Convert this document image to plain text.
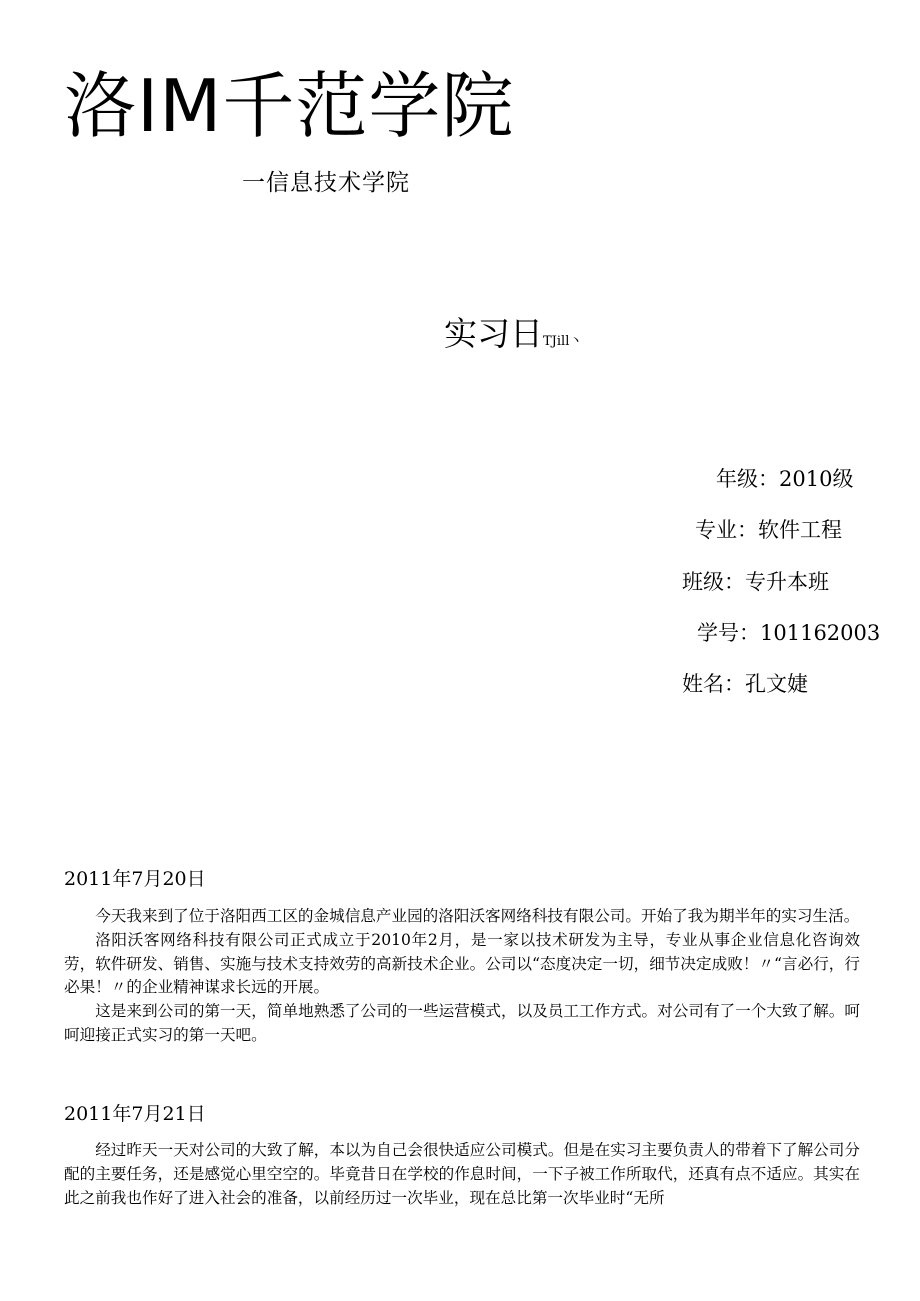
洛IM千范学院
一信息技术学院
实习日TJill丶
年级：2010级
专业：软件工程
班级：专升本班
学号：101162003
姓名：孔文婕
2011年7月20日

今天我来到了位于洛阳西工区的金城信息产业园的洛阳沃客网络科技有限公司。开始了我为期半年的实习生活。

洛阳沃客网络科技有限公司正式成立于2010年2月，是一家以技术研发为主导，专业从事企业信息化咨询效劳，软件研发、销售、实施与技术支持效劳的高新技术企业。公司以“态度决定一切，细节决定成败！〃“言必行，行必果！〃的企业精神谋求长远的开展。

这是来到公司的第一天，简单地熟悉了公司的一些运营模式，以及员工工作方式。对公司有了一个大致了解。呵呵迎接正式实习的第一天吧。

2011年7月21日

经过昨天一天对公司的大致了解，本以为自己会很快适应公司模式。但是在实习主要负责人的带着下了解公司分配的主要任务，还是感觉心里空空的。毕竟昔日在学校的作息时间，一下子被工作所取代，还真有点不适应。其实在此之前我也作好了进入社会的准备，以前经历过一次毕业，现在总比第一次毕业时“无所
